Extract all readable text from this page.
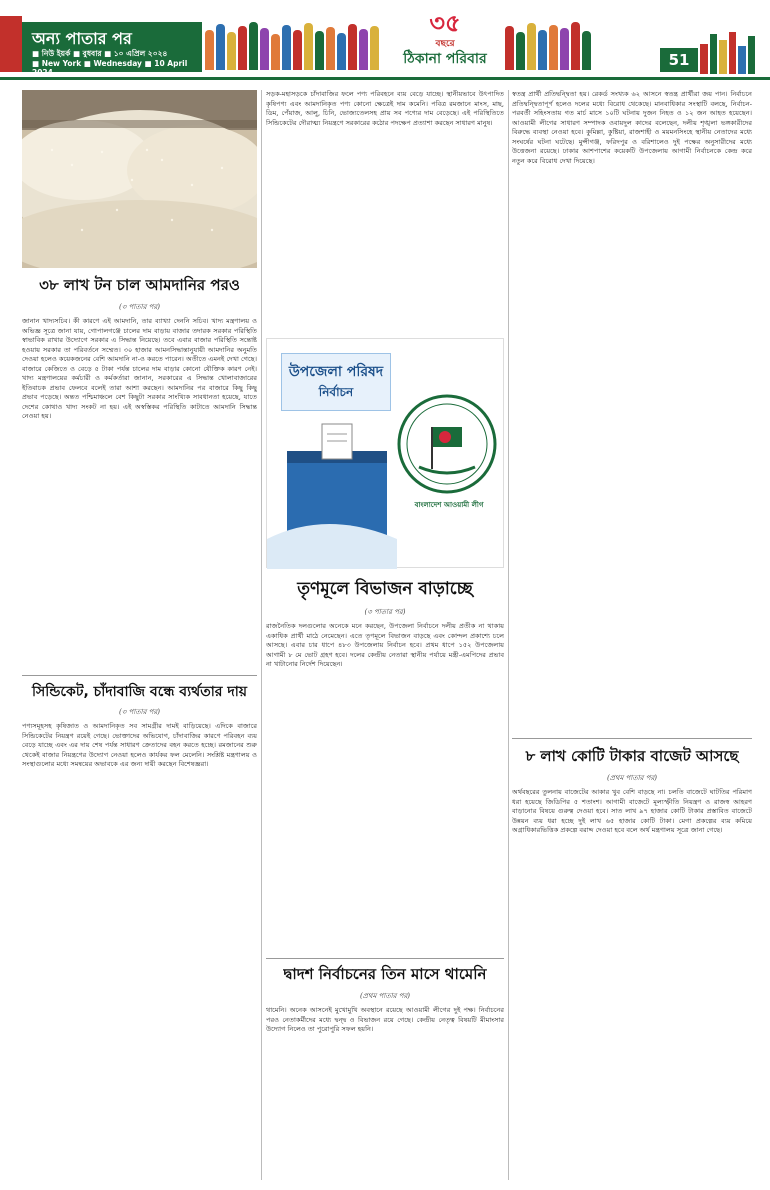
অন্য পাতার পর
■ নিউ ইয়র্ক ■ বুধবার ■ ১০ এপ্রিল ২০২৪
■ New York ■ Wednesday ■ 10 April 2024
৩৫
বছরে
ঠিকানা পরিবার	51
৩৮ লাখ টন চাল আমদানির পরও
(৩ পাতার পর)
জানান খাদ্যসচিব। কী কারণে এই আমদানি, তার ব্যাখ্যা দেননি সচিব। খাদ্য মন্ত্রণালয় ও অভিজ্ঞ সূত্রে জানা যায়, গোপালগঞ্জে চালের দাম বাড়ায় বাজার তদারক সরকার পরিস্থিতি স্বাভাবিক রাখার উদ্যোগে সরকার এ সিদ্ধান্ত নিয়েছে। তবে এবার বাজার পরিস্থিতি সন্তোষ্ট হওয়ায় সরকার তা পরিবর্তনে সম্মেত। ৩০ হাজার আমনসিদ্ধান্তানুযায়ী আমদানির অনুমতি দেওয়া হলেও কয়েকজনের বেশি আমদানি না-ও করতে পারেন। অতীতে এমনই দেখা গেছে। বাজারে কেজিতে ও বেড়ে ৫ টাকা পর্যন্ত চালের দাম বাড়ার কোনো যৌক্তিক কারণ নেই। খাদ্য মন্ত্রণালয়ের কর্মচারী ও কর্মকর্তারা জানান, সরকারের এ সিদ্ধান্ত খোলাবাজারের ইতিবাচক প্রভাব ফেলবে বলেই তারা আশা করছেন। আমদানির পর বাজারে কিছু কিছু প্রভাব পড়েছে। অন্তত পশ্চিমাঞ্চলে বেশ কিছুটা সরকার সাংখ্যিক সাবধানতা হয়েছে, যাতে দেশের কোথাও খাদ্য সংকট না হয়। এই অস্বস্তিকর পরিস্থিতি কাটাতে আমদানি সিদ্ধান্ত নেওয়া হয়।
সিন্ডিকেট, চাঁদাবাজি বন্ধে ব্যর্থতার দায়
(৩ পাতার পর)
পণ্যসমূহসহ কৃষিজাত ও আমদানিকৃত সব সামগ্রীর দামই বাড়িয়েছে। এদিকে বাজারে সিন্ডিকেটের নিয়ন্ত্রণ রয়েই গেছে। ভোক্তাদের অভিযোগ, চাঁদাবাজির কারণে পরিবহন ব্যয় বেড়ে যাচ্ছে এবং এর দায় শেষ পর্যন্ত সাধারণ ক্রেতাদের বহন করতে হচ্ছে। রমজানের শুরু থেকেই বাজার নিয়ন্ত্রণের উদ্যোগ নেওয়া হলেও কার্যকর ফল মেলেনি। সংশ্লিষ্ট মন্ত্রণালয় ও সংস্থাগুলোর মধ্যে সমন্বয়ের অভাবকে এর জন্য দায়ী করছেন বিশেষজ্ঞরা।
সড়ক-মহাসড়কে চাঁদাবাজির ফলে পণ্য পরিবহনে ব্যয় বেড়ে যাচ্ছে। স্থানীয়ভাবে উৎপাদিত কৃষিপণ্য এবং আমদানিকৃত পণ্য কোনো ক্ষেত্রেই দাম কমেনি। পবিত্র রমজানে মাংস, মাছ, ডিম, পেঁয়াজ, আলু, চিনি, ভোজ্যতেলসহ প্রায় সব পণ্যের দাম বেড়েছে। এই পরিস্থিতিতে সিন্ডিকেটের দৌরাত্ম্য নিয়ন্ত্রণে সরকারের কঠোর পদক্ষেপ প্রত্যাশা করছেন সাধারণ মানুষ।
উপজেলা পরিষদ
নির্বাচন
বাংলাদেশ আওয়ামী লীগ
তৃণমূলে বিভাজন বাড়াচ্ছে
(৩ পাতার পর)
রাজনৈতিক দলগুলোর অনেকে মনে করছেন, উপজেলা নির্বাচনে দলীয় প্রতীক না থাকায় একাধিক প্রার্থী মাঠে নেমেছেন। এতে তৃণমূলে বিভাজন বাড়ছে এবং কোন্দল প্রকাশ্যে চলে আসছে। এবার চার ধাপে ৪৮৩ উপজেলায় নির্বাচন হবে। প্রথম ধাপে ১৫২ উপজেলায় আগামী ৮ মে ভোট গ্রহণ হবে। দলের কেন্দ্রীয় নেতারা স্থানীয় পর্যায়ে মন্ত্রী-এমপিদের প্রভাব না খাটানোর নির্দেশ দিয়েছেন।
দ্বাদশ নির্বাচনের তিন মাসে থামেনি
(প্রথম পাতার পর)
থামেনি। অনেক আসনেই মুখোমুখি অবস্থানে রয়েছে আওয়ামী লীগের দুই পক্ষ। নির্বাচনের পরও নেতাকর্মীদের মধ্যে দ্বন্দ্ব ও বিভাজন রয়ে গেছে। কেন্দ্রীয় নেতৃত্ব বিষয়টি মীমাংসার উদ্যোগ নিলেও তা পুরোপুরি সফল হয়নি।
স্বতন্ত্র প্রার্থী প্রতিদ্বন্দ্বিতা হয়। রেকর্ড সংখ্যক ৬২ আসনে স্বতন্ত্র প্রার্থীরা জয় পান। নির্বাচনে প্রতিদ্বন্দ্বিতাপূর্ণ হলেও দলের মধ্যে বিরোধ থেকেছে। মানবাধিকার সংস্থাটি বলছে, নির্বাচন-পরবর্তী সহিংসতায় গত মার্চ মাসে ১০টি ঘটনায় দুজন নিহত ও ১২ জন আহত হয়েছেন। আওয়ামী লীগের সাধারণ সম্পাদক ওবায়দুল কাদের বলেছেন, দলীয় শৃঙ্খলা ভঙ্গকারীদের বিরুদ্ধে ব্যবস্থা নেওয়া হবে। কুমিল্লা, কুষ্টিয়া, রাজশাহী ও ময়মনসিংহে স্থানীয় নেতাদের মধ্যে সংঘর্ষের ঘটনা ঘটেছে। মুন্সীগঞ্জ, ফরিদপুর ও বরিশালেও দুই পক্ষের অনুসারীদের মধ্যে উত্তেজনা রয়েছে। ঢাকার আশপাশের কয়েকটি উপজেলায় আগামী নির্বাচনকে কেন্দ্র করে নতুন করে বিরোধ দেখা দিয়েছে।
৮ লাখ কোটি টাকার বাজেট আসছে
(প্রথম পাতার পর)
অর্থবছরের তুলনায় বাজেটের আকার খুব বেশি বাড়ছে না। চলতি বাজেটে ঘাটতির পরিমাণ ধরা হয়েছে জিডিপির ৫ শতাংশ। আগামী বাজেটে মূল্যস্ফীতি নিয়ন্ত্রণ ও রাজস্ব আহরণ বাড়ানোর বিষয়ে গুরুত্ব দেওয়া হবে। সাত লাখ ৯৭ হাজার কোটি টাকার প্রস্তাবিত বাজেটে উন্নয়ন ব্যয় ধরা হচ্ছে দুই লাখ ৬৫ হাজার কোটি টাকা। মেগা প্রকল্পের ব্যয় কমিয়ে অগ্রাধিকারভিত্তিক প্রকল্পে বরাদ্দ দেওয়া হবে বলে অর্থ মন্ত্রণালয় সূত্রে জানা গেছে।
